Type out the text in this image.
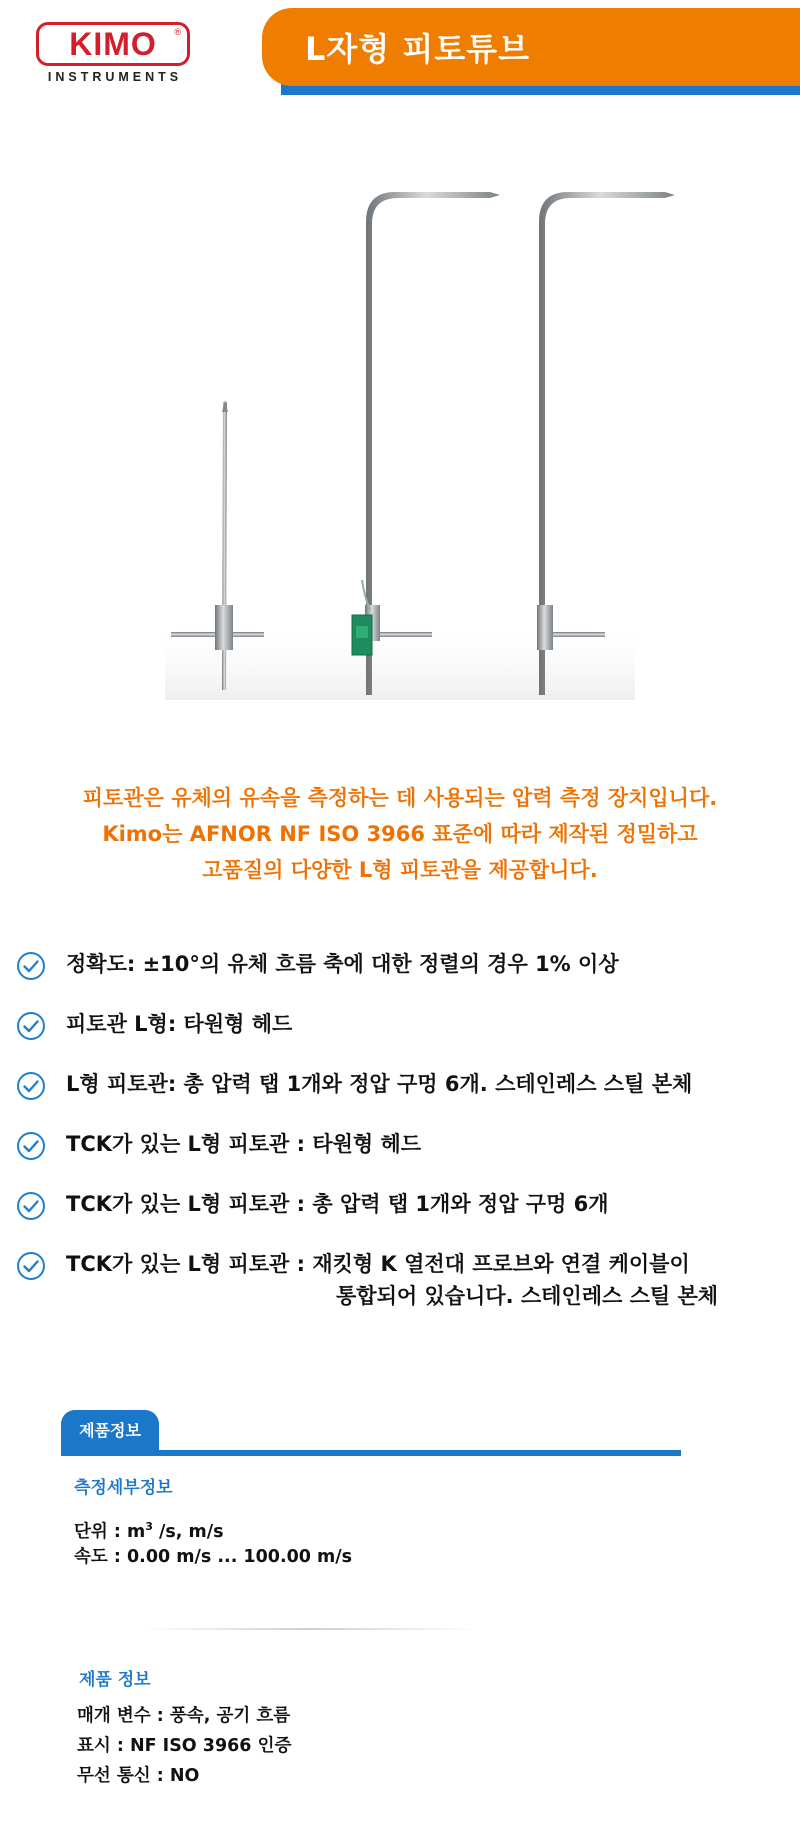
KIMO ®
INSTRUMENTS
L자형 피토튜브
피토관은 유체의 유속을 측정하는 데 사용되는 압력 측정 장치입니다.
Kimo는 AFNOR NF ISO 3966 표준에 따라 제작된 정밀하고
고품질의 다양한 L형 피토관을 제공합니다.
정확도: ±10°의 유체 흐름 축에 대한 정렬의 경우 1% 이상
피토관 L형: 타원형 헤드
L형 피토관: 총 압력 탭 1개와 정압 구멍 6개. 스테인레스 스틸 본체
TCK가 있는 L형 피토관 : 타원형 헤드
TCK가 있는 L형 피토관 : 총 압력 탭 1개와 정압 구멍 6개
TCK가 있는 L형 피토관 : 재킷형 K 열전대 프로브와 연결 케이블이
통합되어 있습니다. 스테인레스 스틸 본체
제품정보
측정세부정보
단위 : $m^3$ /s, m/s
속도 : 0.00 m/s ... 100.00 m/s
제품 정보
매개 변수 : 풍속, 공기 흐름
표시 : NF ISO 3966 인증
무선 통신 : NO
